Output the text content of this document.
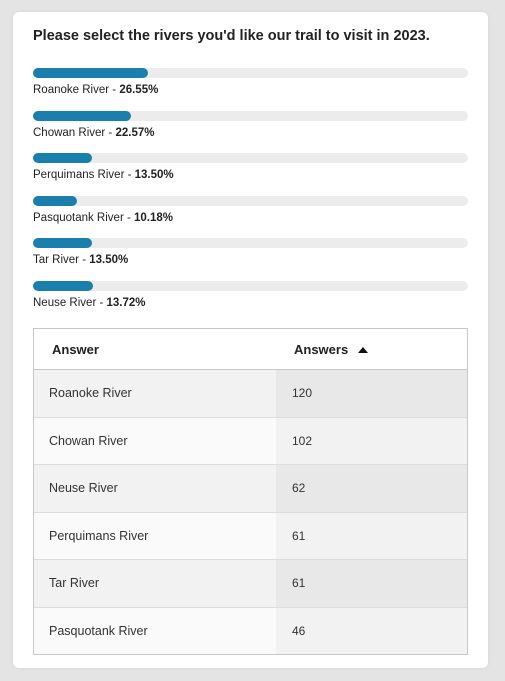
Please select the rivers you'd like our trail to visit in 2023.
Roanoke River - 26.55%
Chowan River - 22.57%
Perquimans River - 13.50%
Pasquotank River - 10.18%
Tar River - 13.50%
Neuse River - 13.72%
Answer	Answers
Roanoke River	120
Chowan River	102
Neuse River	62
Perquimans River	61
Tar River	61
Pasquotank River	46
